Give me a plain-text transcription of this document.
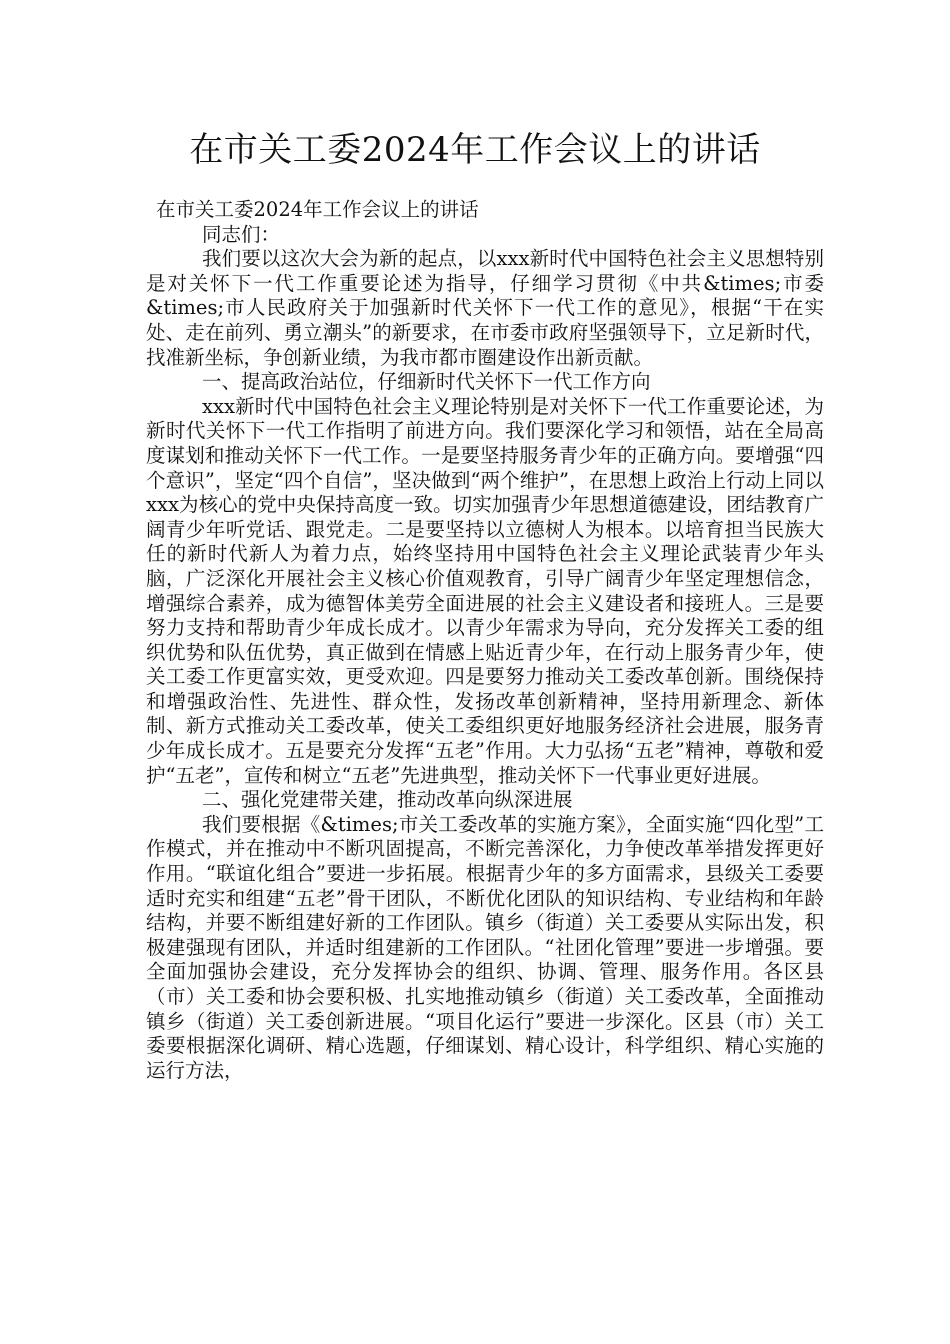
在市关工委2024年工作会议上的讲话

在市关工委2024年工作会议上的讲话

同志们：

我们要以这次大会为新的起点，以xxx新时代中国特色社会主义思想特别是对关怀下一代工作重要论述为指导，仔细学习贯彻《中共&times;市委&times;市人民政府关于加强新时代关怀下一代工作的意见》，根据“干在实处、走在前列、勇立潮头”的新要求，在市委市政府坚强领导下，立足新时代，找准新坐标，争创新业绩，为我市都市圈建设作出新贡献。

一、提高政治站位，仔细新时代关怀下一代工作方向

xxx新时代中国特色社会主义理论特别是对关怀下一代工作重要论述，为新时代关怀下一代工作指明了前进方向。我们要深化学习和领悟，站在全局高度谋划和推动关怀下一代工作。一是要坚持服务青少年的正确方向。要增强“四个意识”，坚定“四个自信”，坚决做到“两个维护”，在思想上政治上行动上同以xxx为核心的党中央保持高度一致。切实加强青少年思想道德建设，团结教育广阔青少年听党话、跟党走。二是要坚持以立德树人为根本。以培育担当民族大任的新时代新人为着力点，始终坚持用中国特色社会主义理论武装青少年头脑，广泛深化开展社会主义核心价值观教育，引导广阔青少年坚定理想信念，增强综合素养，成为德智体美劳全面进展的社会主义建设者和接班人。三是要努力支持和帮助青少年成长成才。以青少年需求为导向，充分发挥关工委的组织优势和队伍优势，真正做到在情感上贴近青少年，在行动上服务青少年，使关工委工作更富实效，更受欢迎。四是要努力推动关工委改革创新。围绕保持和增强政治性、先进性、群众性，发扬改革创新精神，坚持用新理念、新体制、新方式推动关工委改革，使关工委组织更好地服务经济社会进展，服务青少年成长成才。五是要充分发挥“五老”作用。大力弘扬“五老”精神，尊敬和爱护“五老”，宣传和树立“五老”先进典型，推动关怀下一代事业更好进展。

二、强化党建带关建，推动改革向纵深进展

我们要根据《&times;市关工委改革的实施方案》，全面实施“四化型”工作模式，并在推动中不断巩固提高，不断完善深化，力争使改革举措发挥更好作用。“联谊化组合”要进一步拓展。根据青少年的多方面需求，县级关工委要适时充实和组建“五老”骨干团队，不断优化团队的知识结构、专业结构和年龄结构，并要不断组建好新的工作团队。镇乡（街道）关工委要从实际出发，积极建强现有团队，并适时组建新的工作团队。“社团化管理”要进一步增强。要全面加强协会建设，充分发挥协会的组织、协调、管理、服务作用。各区县（市）关工委和协会要积极、扎实地推动镇乡（街道）关工委改革，全面推动镇乡（街道）关工委创新进展。“项目化运行”要进一步深化。区县（市）关工委要根据深化调研、精心选题，仔细谋划、精心设计，科学组织、精心实施的运行方法，
